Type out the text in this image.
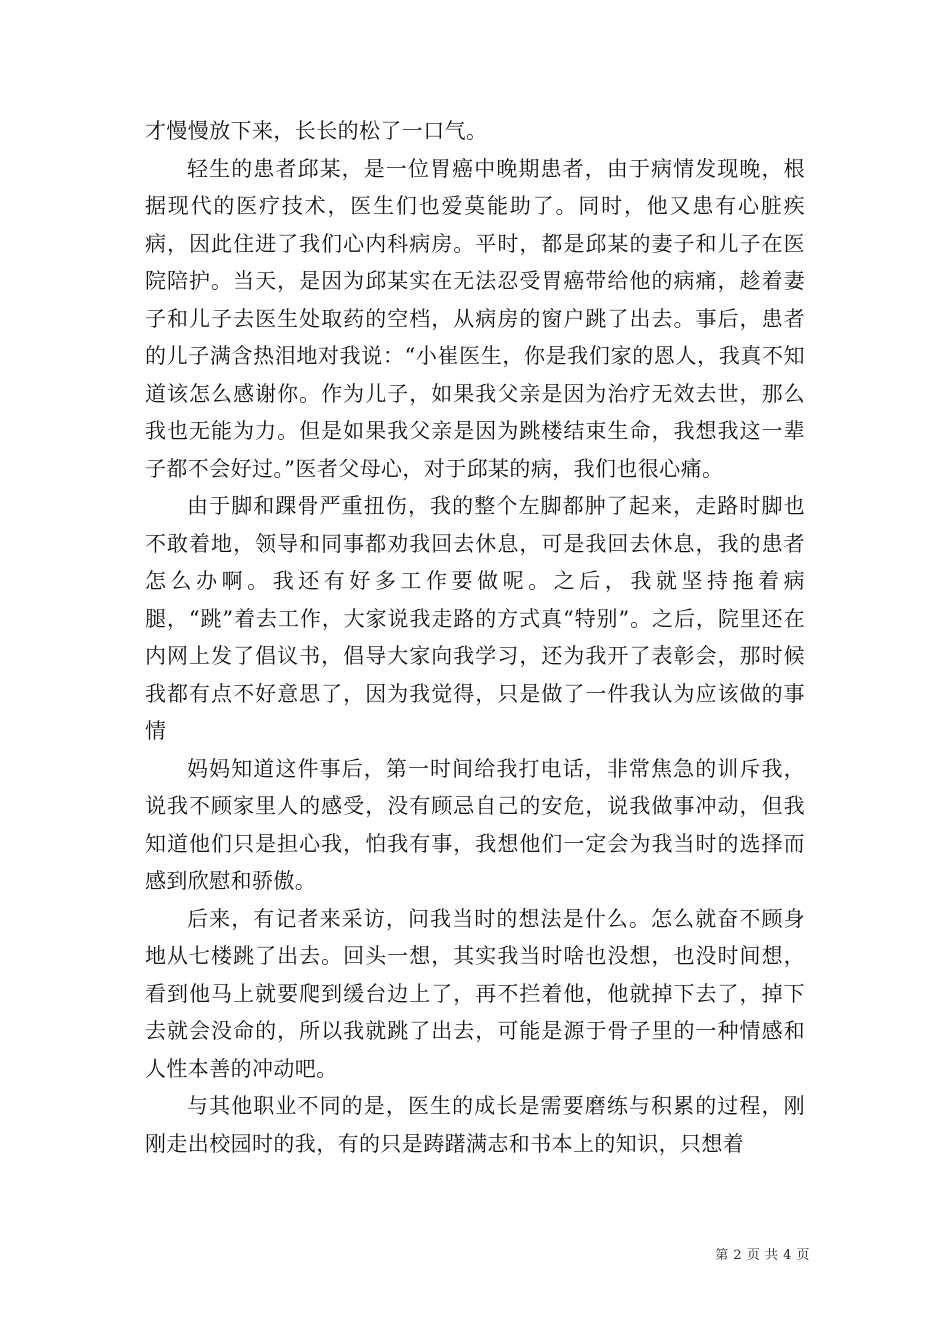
才慢慢放下来，长长的松了一口气。

轻生的患者邱某，是一位胃癌中晚期患者，由于病情发现晚，根据现代的医疗技术，医生们也爱莫能助了。同时，他又患有心脏疾病，因此住进了我们心内科病房。平时，都是邱某的妻子和儿子在医院陪护。当天，是因为邱某实在无法忍受胃癌带给他的病痛，趁着妻子和儿子去医生处取药的空档，从病房的窗户跳了出去。事后，患者的儿子满含热泪地对我说：“小崔医生，你是我们家的恩人，我真不知道该怎么感谢你。作为儿子，如果我父亲是因为治疗无效去世，那么我也无能为力。但是如果我父亲是因为跳楼结束生命，我想我这一辈子都不会好过。”医者父母心，对于邱某的病，我们也很心痛。

由于脚和踝骨严重扭伤，我的整个左脚都肿了起来，走路时脚也不敢着地，领导和同事都劝我回去休息，可是我回去休息，我的患者怎么办啊。我还有好多工作要做呢。之后，我就坚持拖着病腿，“跳”着去工作，大家说我走路的方式真“特别”。之后，院里还在内网上发了倡议书，倡导大家向我学习，还为我开了表彰会，那时候我都有点不好意思了，因为我觉得，只是做了一件我认为应该做的事情

妈妈知道这件事后，第一时间给我打电话，非常焦急的训斥我，说我不顾家里人的感受，没有顾忌自己的安危，说我做事冲动，但我知道他们只是担心我，怕我有事，我想他们一定会为我当时的选择而感到欣慰和骄傲。

后来，有记者来采访，问我当时的想法是什么。怎么就奋不顾身地从七楼跳了出去。回头一想，其实我当时啥也没想，也没时间想，看到他马上就要爬到缓台边上了，再不拦着他，他就掉下去了，掉下去就会没命的，所以我就跳了出去，可能是源于骨子里的一种情感和人性本善的冲动吧。

与其他职业不同的是，医生的成长是需要磨练与积累的过程，刚刚走出校园时的我，有的只是踌躇满志和书本上的知识，只想着

第 2 页 共 4 页
